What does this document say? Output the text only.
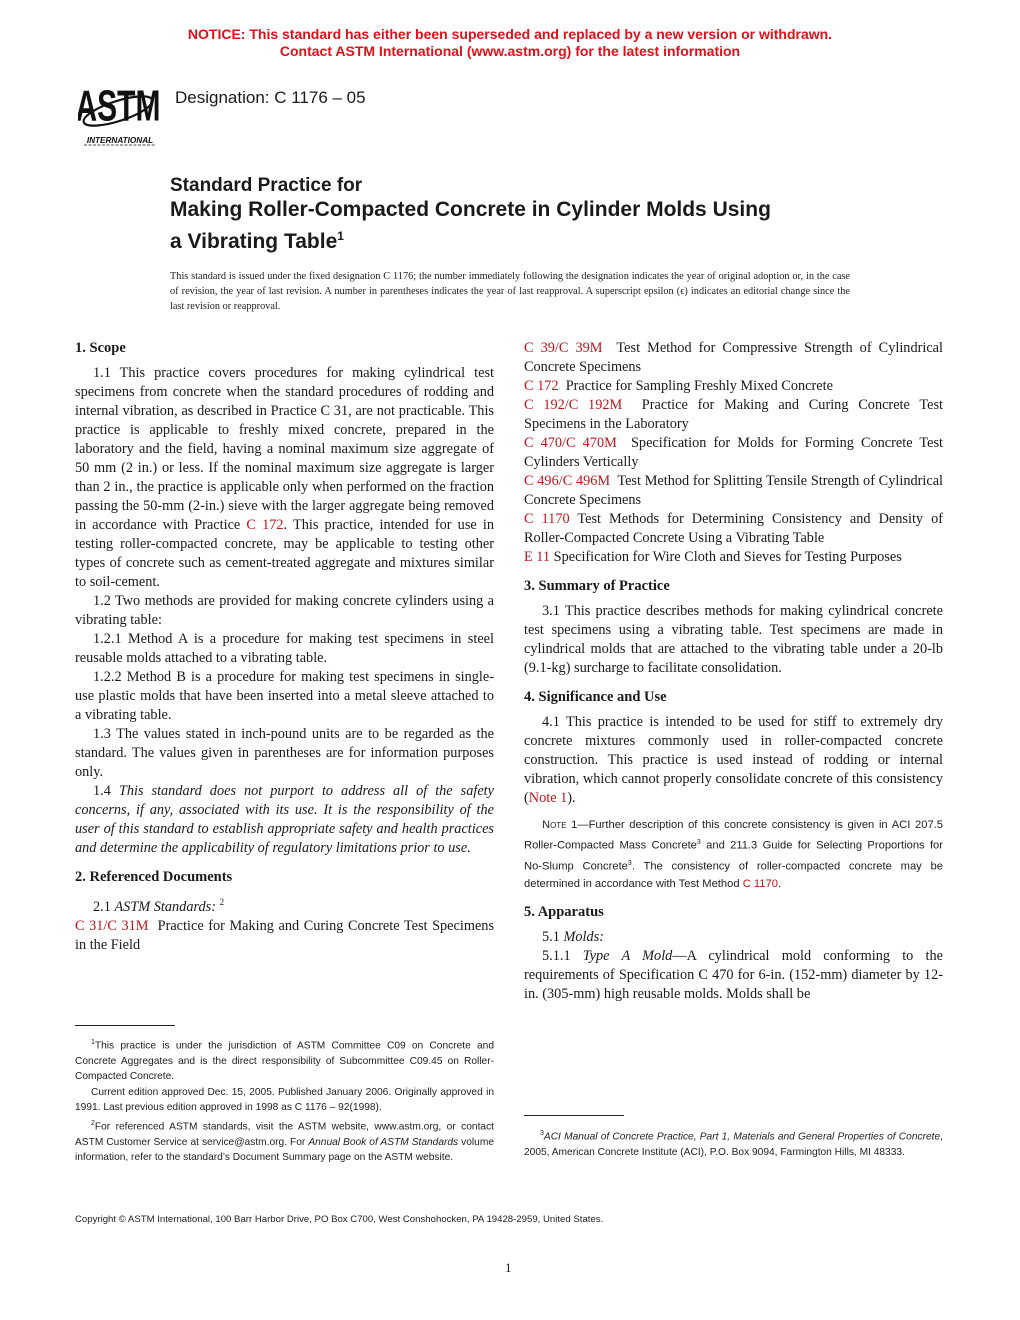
NOTICE: This standard has either been superseded and replaced by a new version or withdrawn.
Contact ASTM International (www.astm.org) for the latest information
ASTM
INTERNATIONAL
Designation: C 1176 – 05
Standard Practice for
Making Roller-Compacted Concrete in Cylinder Molds Using
a Vibrating Table$^1$
This standard is issued under the fixed designation C 1176; the number immediately following the designation indicates the year of original adoption or, in the case of revision, the year of last revision. A number in parentheses indicates the year of last reapproval. A superscript epsilon (ϵ) indicates an editorial change since the last revision or reapproval.
1. Scope

1.1 This practice covers procedures for making cylindrical test specimens from concrete when the standard procedures of rodding and internal vibration, as described in Practice C 31, are not practicable. This practice is applicable to freshly mixed concrete, prepared in the laboratory and the field, having a nominal maximum size aggregate of 50 mm (2 in.) or less. If the nominal maximum size aggregate is larger than 2 in., the practice is applicable only when performed on the fraction passing the 50-mm (2-in.) sieve with the larger aggregate being removed in accordance with Practice C 172. This practice, intended for use in testing roller-compacted concrete, may be applicable to testing other types of concrete such as cement-treated aggregate and mixtures similar to soil-cement.

1.2 Two methods are provided for making concrete cylinders using a vibrating table:

1.2.1 Method A is a procedure for making test specimens in steel reusable molds attached to a vibrating table.

1.2.2 Method B is a procedure for making test specimens in single-use plastic molds that have been inserted into a metal sleeve attached to a vibrating table.

1.3 The values stated in inch-pound units are to be regarded as the standard. The values given in parentheses are for information purposes only.

1.4 This standard does not purport to address all of the safety concerns, if any, associated with its use. It is the responsibility of the user of this standard to establish appropriate safety and health practices and determine the applicability of regulatory limitations prior to use.

2. Referenced Documents

2.1 ASTM Standards: $^2$

C 31/C 31M Practice for Making and Curing Concrete Test Specimens in the Field

C 39/C 39M Test Method for Compressive Strength of Cylindrical Concrete Specimens

C 172 Practice for Sampling Freshly Mixed Concrete

C 192/C 192M Practice for Making and Curing Concrete Test Specimens in the Laboratory

C 470/C 470M Specification for Molds for Forming Concrete Test Cylinders Vertically

C 496/C 496M Test Method for Splitting Tensile Strength of Cylindrical Concrete Specimens

C 1170 Test Methods for Determining Consistency and Density of Roller-Compacted Concrete Using a Vibrating Table

E 11 Specification for Wire Cloth and Sieves for Testing Purposes

3. Summary of Practice

3.1 This practice describes methods for making cylindrical concrete test specimens using a vibrating table. Test specimens are made in cylindrical molds that are attached to the vibrating table under a 20-lb (9.1-kg) surcharge to facilitate consolidation.

4. Significance and Use

4.1 This practice is intended to be used for stiff to extremely dry concrete mixtures commonly used in roller-compacted concrete construction. This practice is used instead of rodding or internal vibration, which cannot properly consolidate concrete of this consistency (Note 1).

Note 1—Further description of this concrete consistency is given in ACI 207.5 Roller-Compacted Mass Concrete$^3$ and 211.3 Guide for Selecting Proportions for No-Slump Concrete$^3$. The consistency of roller-compacted concrete may be determined in accordance with Test Method C 1170.

5. Apparatus

5.1 Molds:

5.1.1 Type A Mold—A cylindrical mold conforming to the requirements of Specification C 470 for 6-in. (152-mm) diameter by 12-in. (305-mm) high reusable molds. Molds shall be

$^1$This practice is under the jurisdiction of ASTM Committee C09 on Concrete and Concrete Aggregates and is the direct responsibility of Subcommittee C09.45 on Roller-Compacted Concrete.

Current edition approved Dec. 15, 2005. Published January 2006. Originally approved in 1991. Last previous edition approved in 1998 as C 1176 – 92(1998).

$^2$For referenced ASTM standards, visit the ASTM website, www.astm.org, or contact ASTM Customer Service at service@astm.org. For Annual Book of ASTM Standards volume information, refer to the standard’s Document Summary page on the ASTM website.

$^3$ACI Manual of Concrete Practice, Part 1, Materials and General Properties of Concrete, 2005, American Concrete Institute (ACI), P.O. Box 9094, Farmington Hills, MI 48333.

Copyright © ASTM International, 100 Barr Harbor Drive, PO Box C700, West Conshohocken, PA 19428-2959, United States.
1
